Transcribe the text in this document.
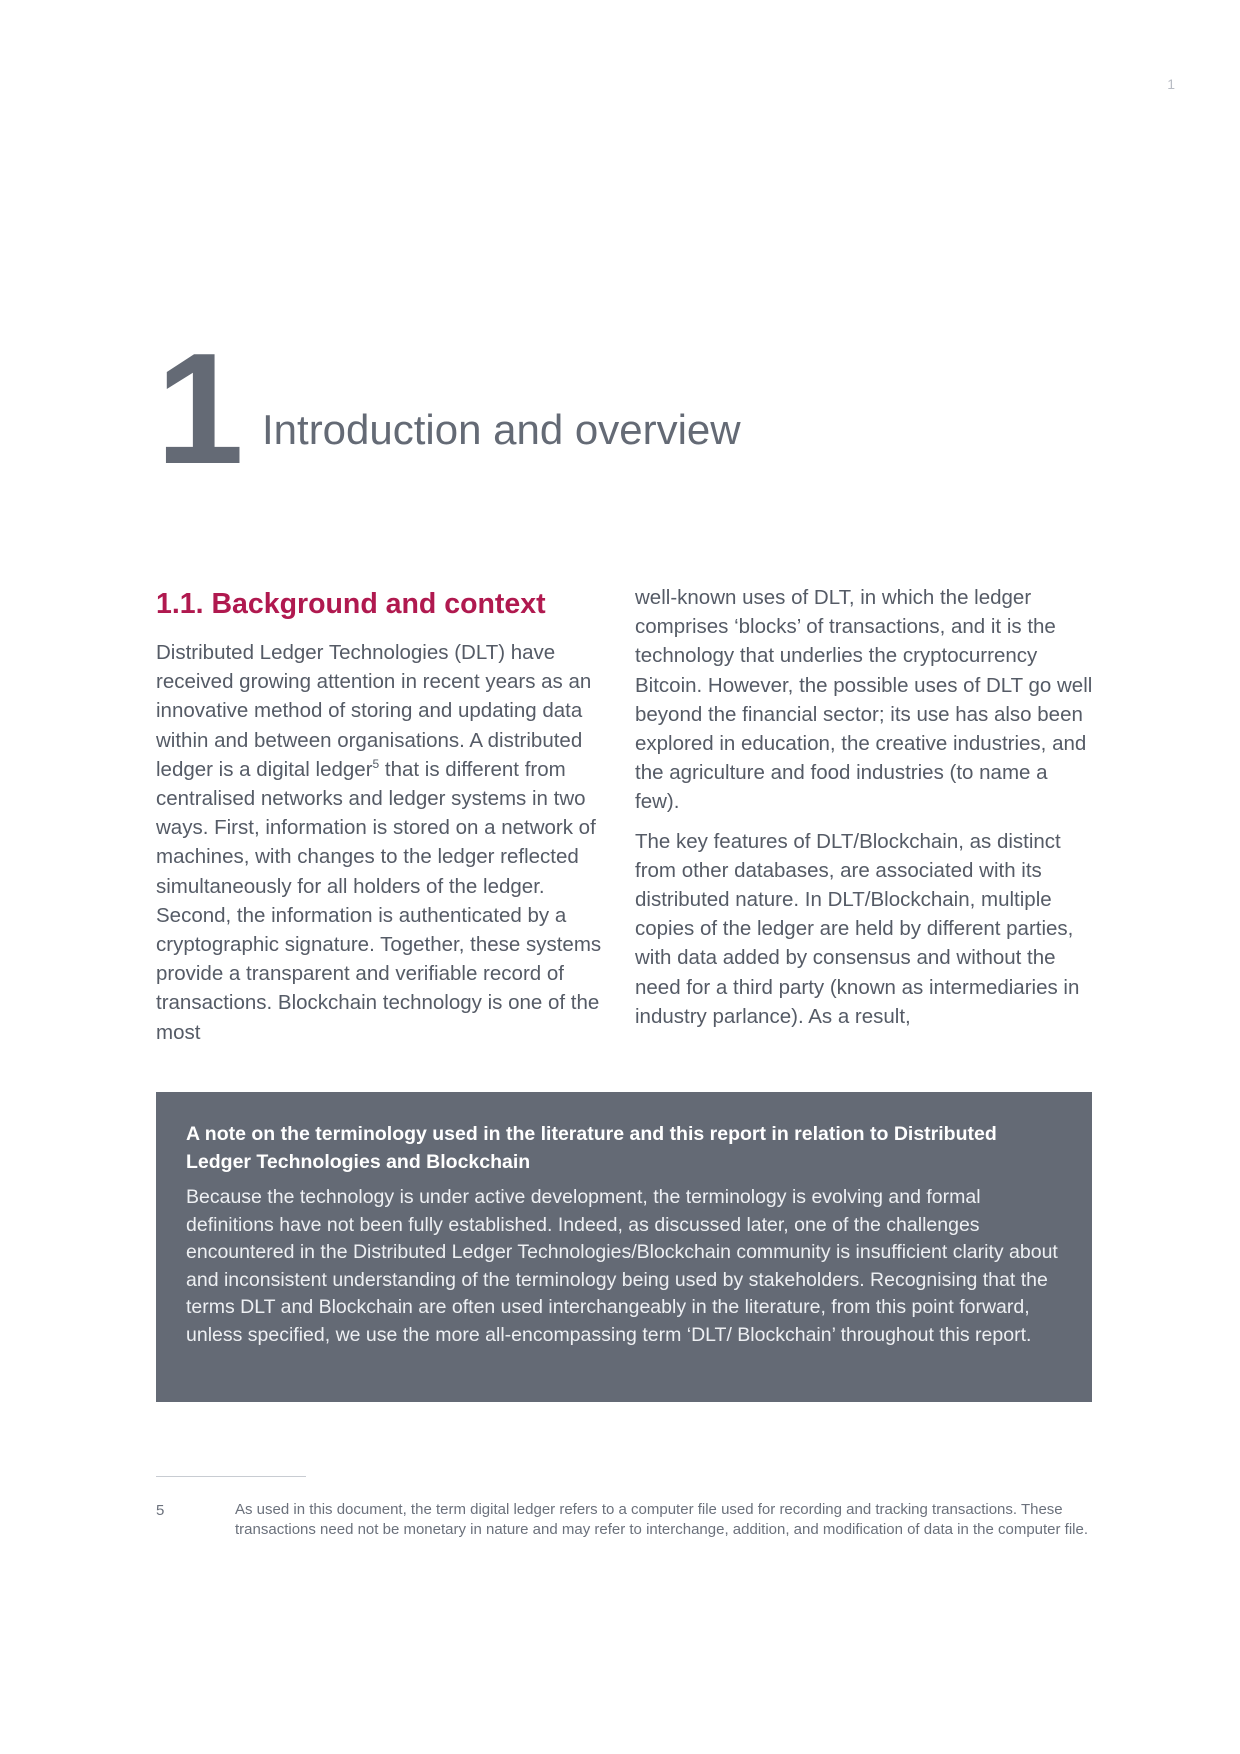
1
1 Introduction and overview
1.1. Background and context

Distributed Ledger Technologies (DLT) have received growing attention in recent years as an innovative method of storing and updating data within and between organisations. A distributed ledger is a digital ledger$^5$ that is different from centralised networks and ledger systems in two ways. First, information is stored on a network of machines, with changes to the ledger reflected simultaneously for all holders of the ledger. Second, the information is authenticated by a cryptographic signature. Together, these systems provide a transparent and verifiable record of transactions. Blockchain technology is one of the most

well-known uses of DLT, in which the ledger comprises ‘blocks’ of transactions, and it is the technology that underlies the cryptocurrency Bitcoin. However, the possible uses of DLT go well beyond the financial sector; its use has also been explored in education, the creative industries, and the agriculture and food industries (to name a few).

The key features of DLT/Blockchain, as distinct from other databases, are associated with its distributed nature. In DLT/Blockchain, multiple copies of the ledger are held by different parties, with data added by consensus and without the need for a third party (known as intermediaries in industry parlance). As a result,

A note on the terminology used in the literature and this report in relation to Distributed Ledger Technologies and Blockchain

Because the technology is under active development, the terminology is evolving and formal definitions have not been fully established. Indeed, as discussed later, one of the challenges encountered in the Distributed Ledger Technologies/Blockchain community is insufficient clarity about and inconsistent understanding of the terminology being used by stakeholders. Recognising that the terms DLT and Blockchain are often used interchangeably in the literature, from this point forward, unless specified, we use the more all-encompassing term ‘DLT/ Blockchain’ throughout this report.

5	As used in this document, the term digital ledger refers to a computer file used for recording and tracking transactions. These transactions need not be monetary in nature and may refer to interchange, addition, and modification of data in the computer file.
